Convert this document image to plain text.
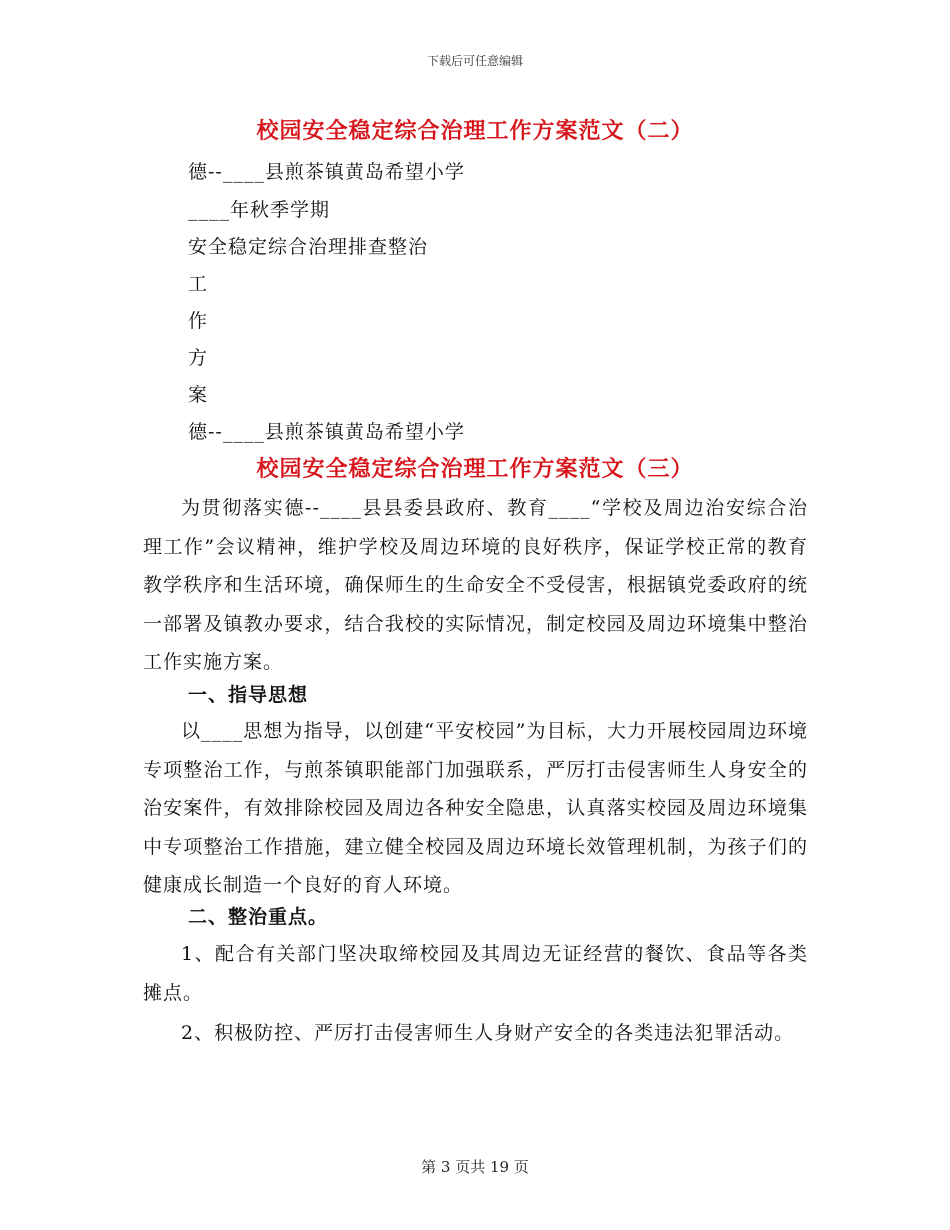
下载后可任意编辑
校园安全稳定综合治理工作方案范文（二）
德--____县煎茶镇黄岛希望小学
____年秋季学期
安全稳定综合治理排查整治
工
作
方
案
德--____县煎茶镇黄岛希望小学
校园安全稳定综合治理工作方案范文（三）
为贯彻落实德--____县县委县政府、教育____“学校及周边治安综合治理工作”会议精神，维护学校及周边环境的良好秩序，保证学校正常的教育教学秩序和生活环境，确保师生的生命安全不受侵害，根据镇党委政府的统一部署及镇教办要求，结合我校的实际情况，制定校园及周边环境集中整治工作实施方案。
一、指导思想
以____思想为指导，以创建“平安校园”为目标，大力开展校园周边环境专项整治工作，与煎茶镇职能部门加强联系，严厉打击侵害师生人身安全的治安案件，有效排除校园及周边各种安全隐患，认真落实校园及周边环境集中专项整治工作措施，建立健全校园及周边环境长效管理机制，为孩子们的健康成长制造一个良好的育人环境。
二、整治重点。
1、配合有关部门坚决取缔校园及其周边无证经营的餐饮、食品等各类摊点。
2、积极防控、严厉打击侵害师生人身财产安全的各类违法犯罪活动。
第 3 页共 19 页
